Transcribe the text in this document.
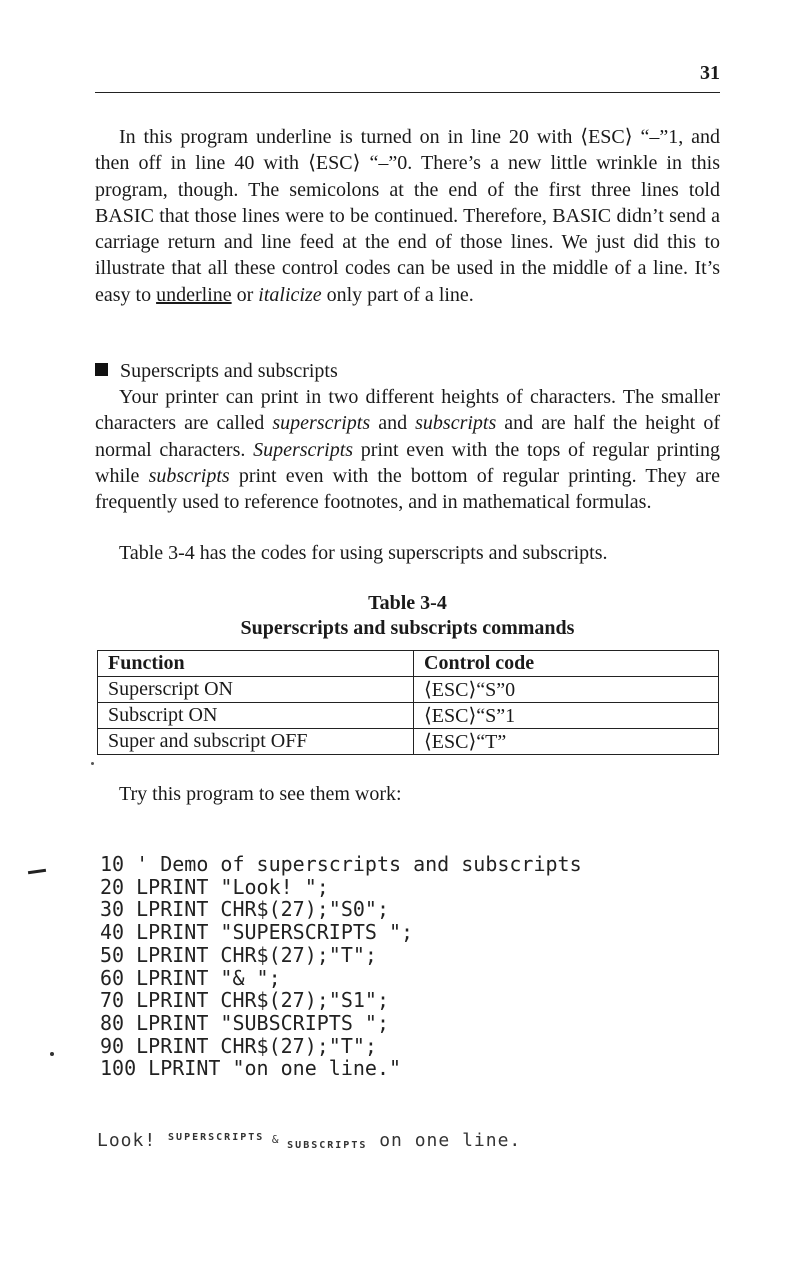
31

In this program underline is turned on in line 20 with ⟨ESC⟩ “–”1, and then off in line 40 with ⟨ESC⟩ “–”0. There’s a new little wrinkle in this program, though. The semicolons at the end of the first three lines told BASIC that those lines were to be continued. Therefore, BASIC didn’t send a carriage return and line feed at the end of those lines. We just did this to illustrate that all these control codes can be used in the middle of a line. It’s easy to underline or italicize only part of a line.

Superscripts and subscripts

Your printer can print in two different heights of characters. The smaller characters are called superscripts and subscripts and are half the height of normal characters. Superscripts print even with the tops of regular printing while subscripts print even with the bottom of regular printing. They are frequently used to reference footnotes, and in mathematical formulas.

Table 3-4 has the codes for using superscripts and subscripts.

Table 3-4
Superscripts and subscripts commands
Function	Control code
Superscript ON	⟨ESC⟩“S”0
Subscript ON	⟨ESC⟩“S”1
Super and subscript OFF	⟨ESC⟩“T”
Try this program to see them work:
10 ' Demo of superscripts and subscripts
20 LPRINT "Look! ";
30 LPRINT CHR$(27);"S0";
40 LPRINT "SUPERSCRIPTS ";
50 LPRINT CHR$(27);"T";
60 LPRINT "& ";
70 LPRINT CHR$(27);"S1";
80 LPRINT "SUBSCRIPTS ";
90 LPRINT CHR$(27);"T";
100 LPRINT "on one line."
Look! $^{SUPERSCRIPTS}$ & SUBSCRIPTS on one line.
